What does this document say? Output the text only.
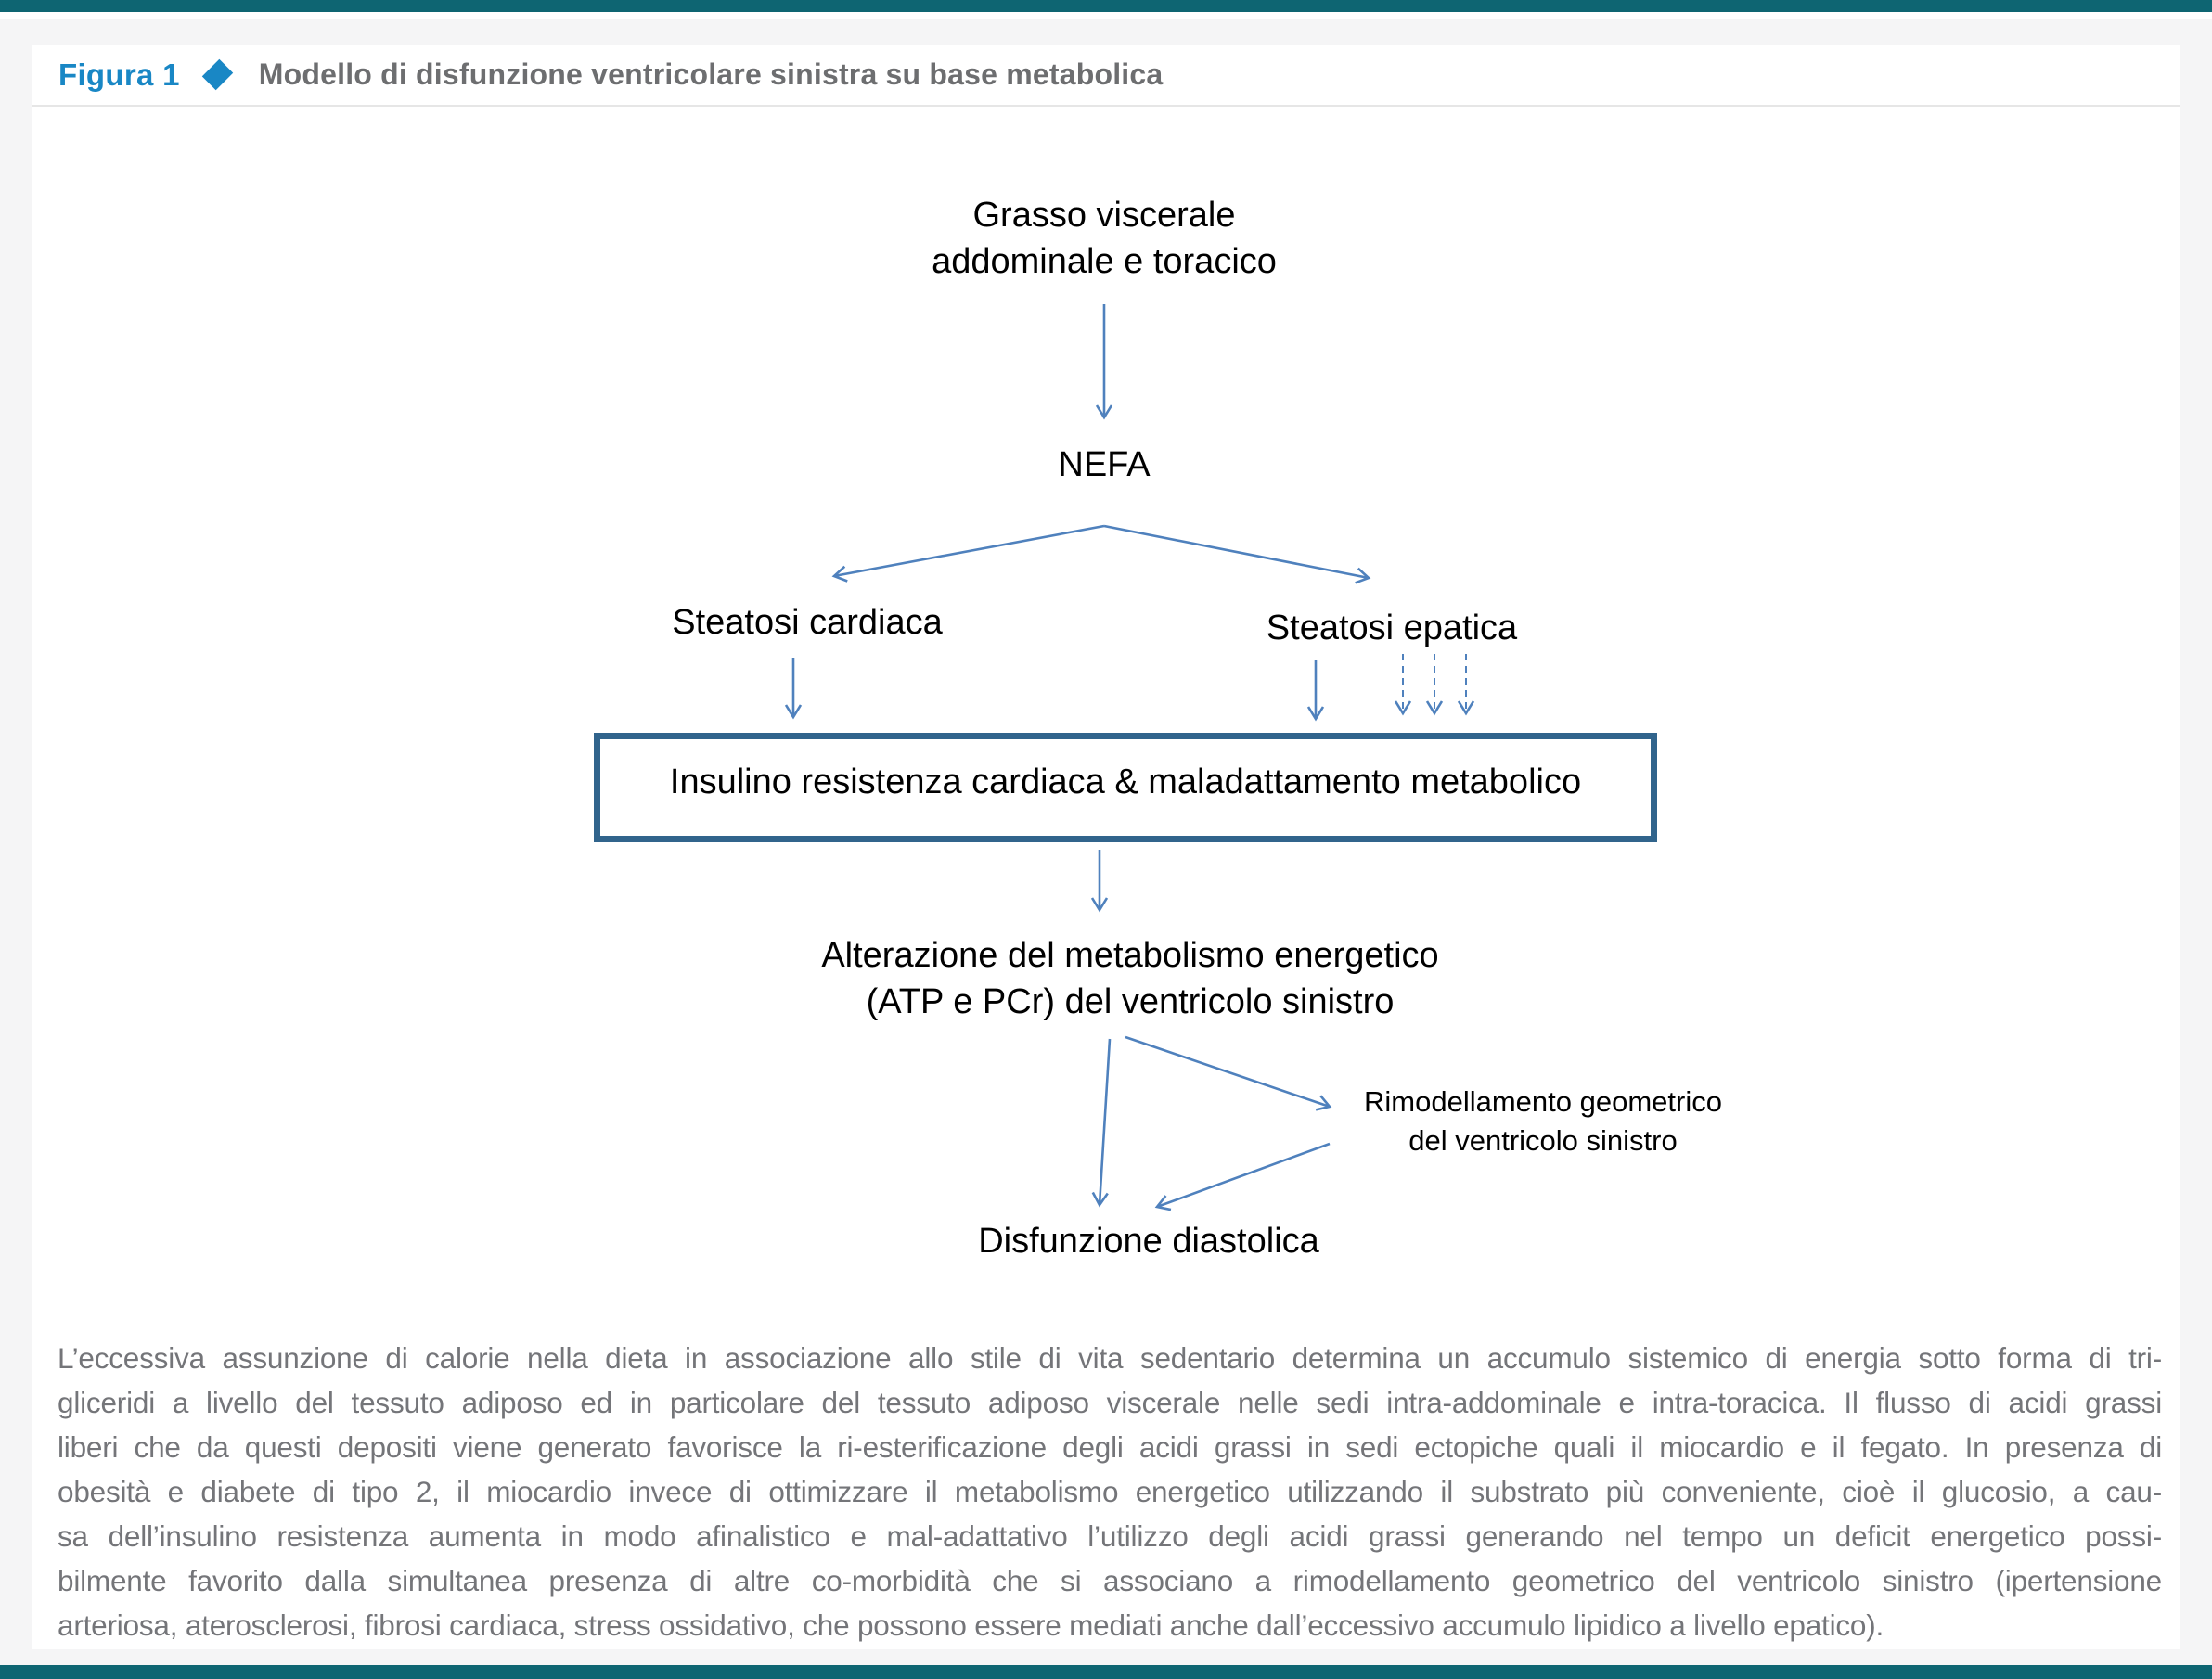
Figura 1	Modello di disfunzione ventricolare sinistra su base metabolica
Grasso viscerale
addominale e toracico
NEFA
Steatosi cardiaca	Steatosi epatica
Insulino resistenza cardiaca & maladattamento metabolico
Alterazione del metabolismo energetico
(ATP e PCr) del ventricolo sinistro
Rimodellamento geometrico
del ventricolo sinistro
Disfunzione diastolica
L’eccessiva assunzione di calorie nella dieta in associazione allo stile di vita sedentario determina un accumulo sistemico di energia sotto forma di tri-
gliceridi a livello del tessuto adiposo ed in particolare del tessuto adiposo viscerale nelle sedi intra-addominale e intra-toracica. Il flusso di acidi grassi
liberi che da questi depositi viene generato favorisce la ri-esterificazione degli acidi grassi in sedi ectopiche quali il miocardio e il fegato. In presenza di
obesità e diabete di tipo 2, il miocardio invece di ottimizzare il metabolismo energetico utilizzando il substrato più conveniente, cioè il glucosio, a cau-
sa dell’insulino resistenza aumenta in modo afinalistico e mal-adattativo l’utilizzo degli acidi grassi generando nel tempo un deficit energetico possi-
bilmente favorito dalla simultanea presenza di altre co-morbidità che si associano a rimodellamento geometrico del ventricolo sinistro (ipertensione
arteriosa, aterosclerosi, fibrosi cardiaca, stress ossidativo, che possono essere mediati anche dall’eccessivo accumulo lipidico a livello epatico).
